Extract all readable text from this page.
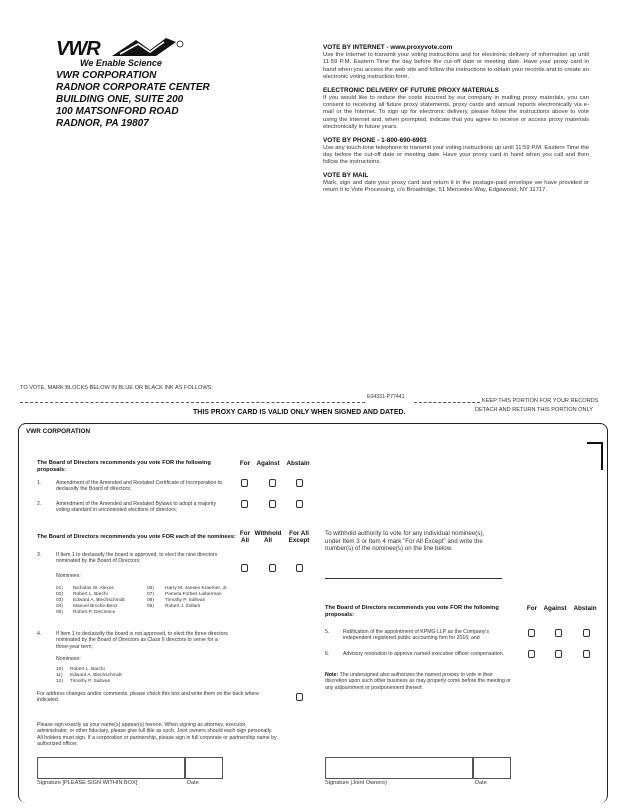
VWR
We Enable Science
VWR CORPORATION
RADNOR CORPORATE CENTER
BUILDING ONE, SUITE 200
100 MATSONFORD ROAD
RADNOR, PA 19807
VOTE BY INTERNET - www.proxyvote.com
Use the Internet to transmit your voting instructions and for electronic delivery of information up until 11:59 P.M. Eastern Time the day before the cut-off date or meeting date. Have your proxy card in hand when you access the web site and follow the instructions to obtain your records and to create an electronic voting instruction form.
ELECTRONIC DELIVERY OF FUTURE PROXY MATERIALS
If you would like to reduce the costs incurred by our company in mailing proxy materials, you can consent to receiving all future proxy statements, proxy cards and annual reports electronically via e-mail or the Internet. To sign up for electronic delivery, please follow the instructions above to vote using the Internet and, when prompted, indicate that you agree to receive or access proxy materials electronically in future years.
VOTE BY PHONE - 1-800-690-6903
Use any touch-tone telephone to transmit your voting instructions up until 11:59 P.M. Eastern Time the day before the cut-off date or meeting date. Have your proxy card in hand when you call and then follow the instructions.
VOTE BY MAIL
Mark, sign and date your proxy card and return it in the postage-paid envelope we have provided or return it to Vote Processing, c/o Broadridge, 51 Mercedes Way, Edgewood, NY 11717.
TO VOTE, MARK BLOCKS BELOW IN BLUE OR BLACK INK AS FOLLOWS:
E04331-P77441
KEEP THIS PORTION FOR YOUR RECORDS
DETACH AND RETURN THIS PORTION ONLY
THIS PROXY CARD IS VALID ONLY WHEN SIGNED AND DATED.
VWR CORPORATION
The Board of Directors recommends you vote FOR the following proposals:
For	Against	Abstain
1.	Amendment of the Amended and Restated Certificate of Incorporation to declassify the Board of directors;
2.	Amendment of the Amended and Restated Bylaws to adopt a majority voting standard in uncontested elections of directors;
The Board of Directors recommends you vote FOR each of the nominees: For All
Withhold All
For All Except
To withhold authority to vote for any individual nominee(s), under Item 3 or Item 4 mark "For All Except" and write the number(s) of the nominee(s) on the line below.
3.	If Item 1 to declassify the board is approved, to elect the nine directors nominated by the Board of Directors;
Nominees:
01) Nicholas W. Alexos
02) Robert L. Barchi
03) Edward A. Blechschmidt
04) Manuel Brocke-Benz
05) Robert P. DeCresce
06) Harry M. Jansen Kraemer, Jr.
07) Pamela Forbes Lieberman
08) Timothy P. Sullivan
09) Robert J. Zollars
4.	If Item 1 to declassify the board is not approved, to elect the three directors nominated by the Board of Directors as Class II directors to serve for a three-year term;
Nominees:
10) Robert L. Barchi
11) Edward A. Blechschmidt
12) Timothy P. Sullivan
For address changes and/or comments, please check this box and write them on the back where indicated.
The Board of Directors recommends you vote FOR the following proposals:
For	Against	Abstain
5.	Ratification of the appointment of KPMG LLP as the Company's independent registered public accounting firm for 2016; and
6.	Advisory resolution to approve named executive officer compensation.
Note: The undersigned also authorizes the named proxies to vote in their discretion upon such other business as may properly come before the meeting or any adjournment or postponement thereof.
Please sign exactly as your name(s) appear(s) hereon. When signing as attorney, executor, administrator, or other fiduciary, please give full title as such. Joint owners should each sign personally. All holders must sign. If a corporation or partnership, please sign in full corporate or partnership name by authorized officer.
Signature [PLEASE SIGN WITHIN BOX]	Date	Signature (Joint Owners)	Date
